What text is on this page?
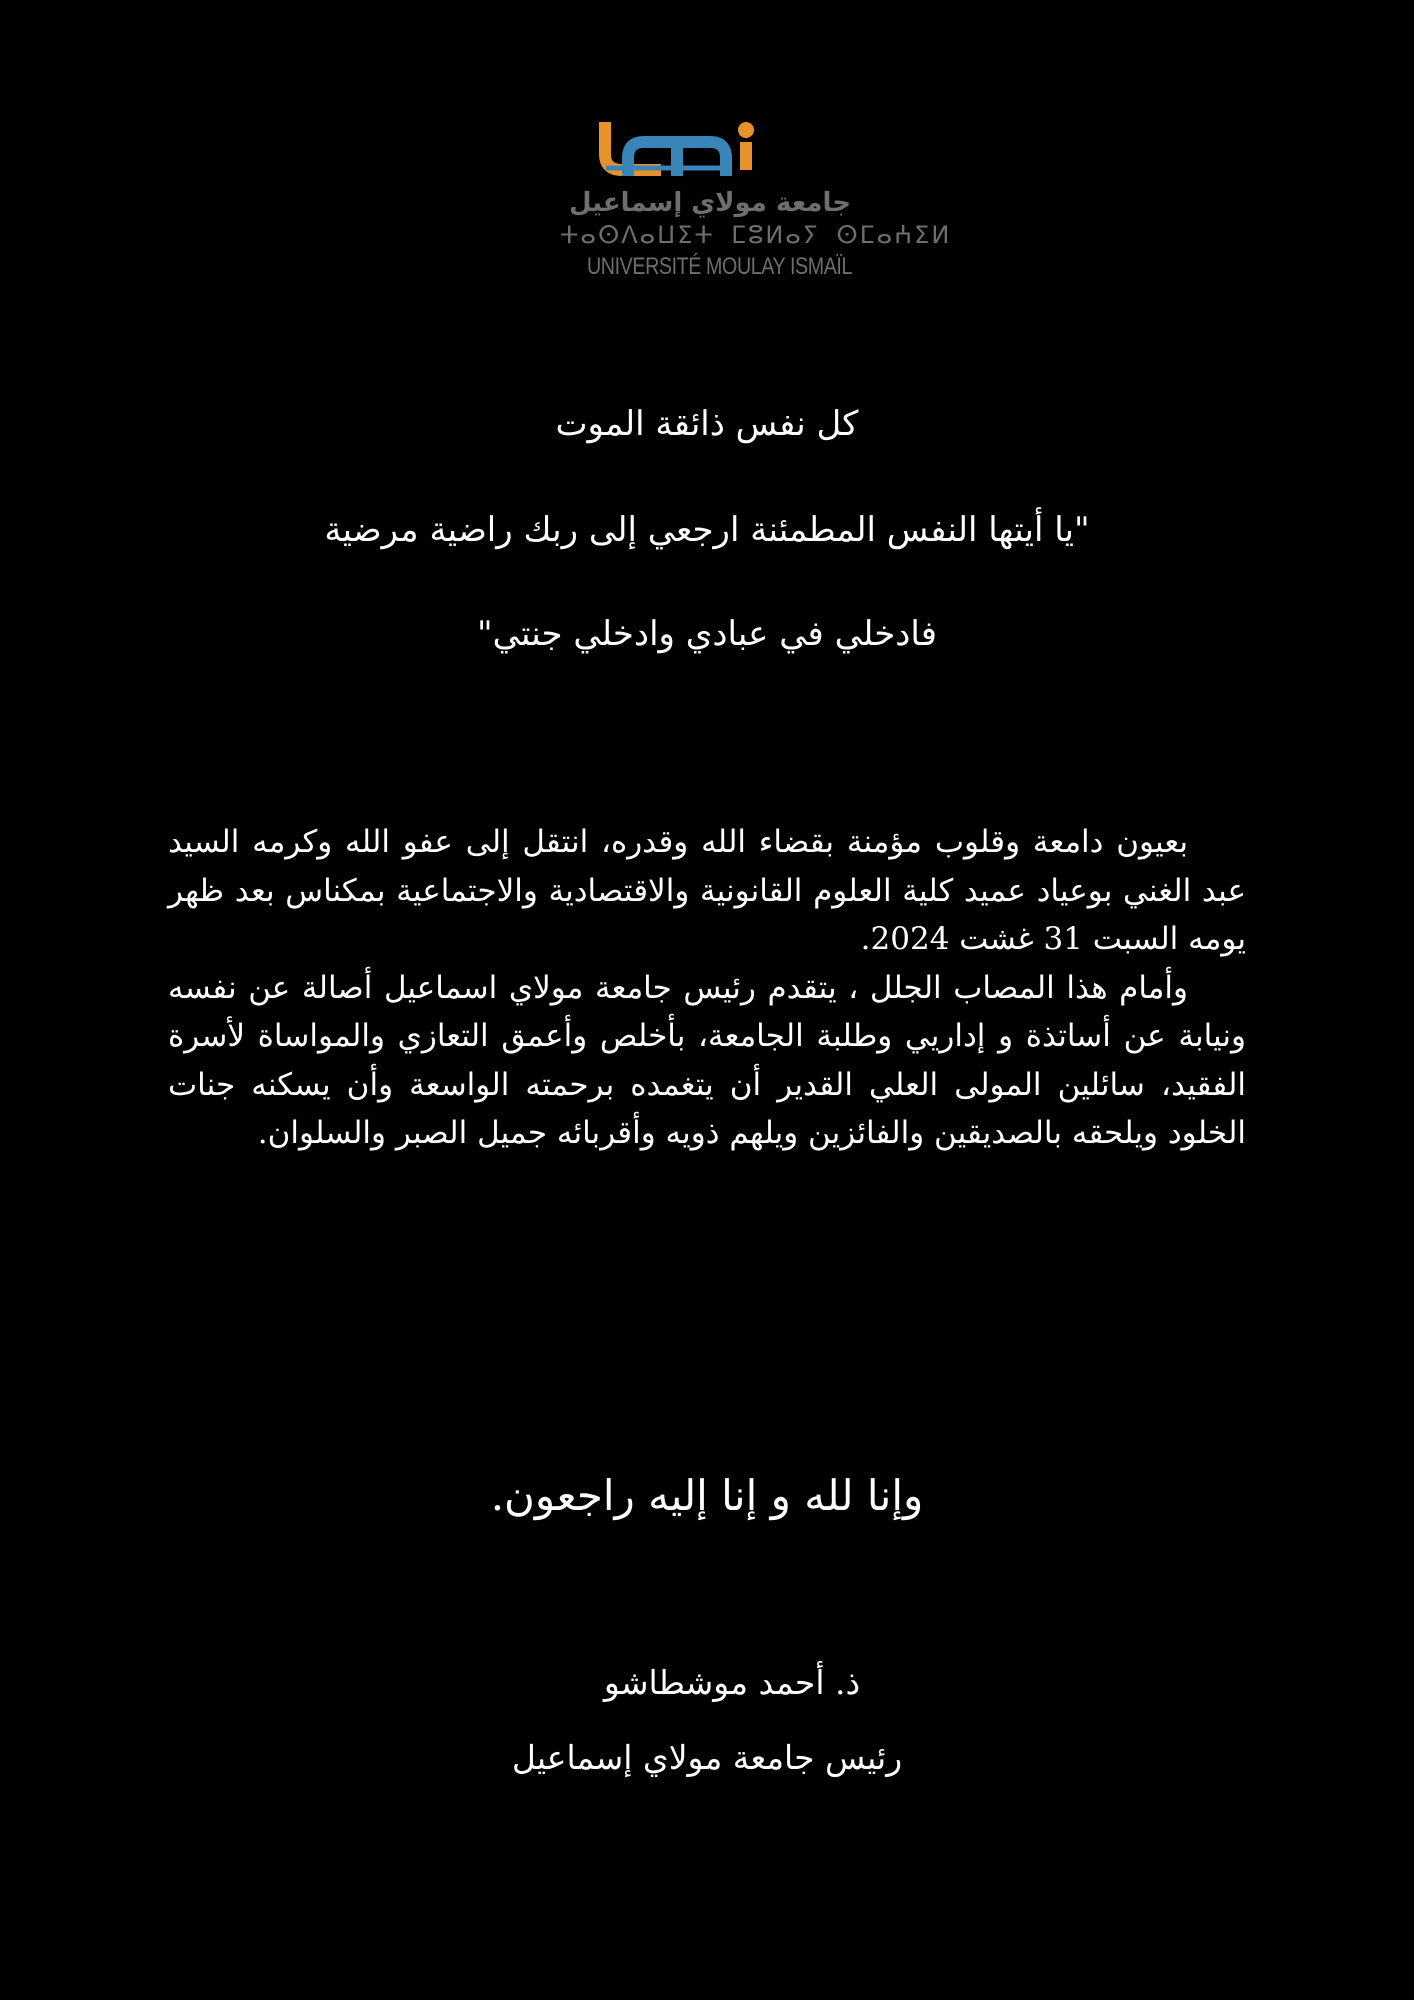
جامعة مولاي إسماعيل
ⵜⴰⵙⴷⴰⵡⵉⵜ ⵎⵓⵍⴰⵢ ⵙⵎⴰⵄⵉⵍ
UNIVERSITÉ MOULAY ISMAÏL
كل نفس ذائقة الموت
"يا أيتها النفس المطمئنة ارجعي إلى ربك راضية مرضية
فادخلي في عبادي وادخلي جنتي"

بعيون دامعة وقلوب مؤمنة بقضاء الله وقدره، انتقل إلى عفو الله وكرمه السيد عبد الغني بوعياد عميد كلية العلوم القانونية والاقتصادية والاجتماعية بمكناس بعد ظهر يومه السبت 31 غشت 2024.

وأمام هذا المصاب الجلل ، يتقدم رئيس جامعة مولاي اسماعيل أصالة عن نفسه ونيابة عن أساتذة و إداريي وطلبة الجامعة، بأخلص وأعمق التعازي والمواساة لأسرة الفقيد، سائلين المولى العلي القدير أن يتغمده برحمته الواسعة وأن يسكنه جنات الخلود ويلحقه بالصديقين والفائزين ويلهم ذويه وأقربائه جميل الصبر والسلوان.

وإنا لله و إنا إليه راجعون.
ذ. أحمد موشطاشو
رئيس جامعة مولاي إسماعيل
